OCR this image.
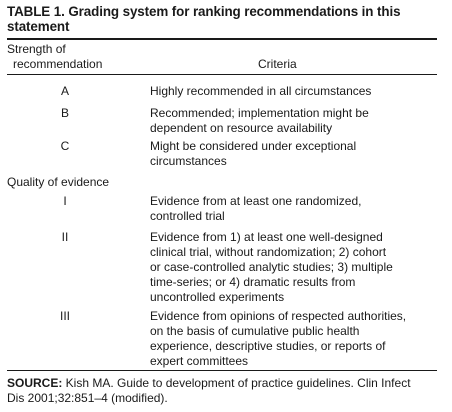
TABLE 1. Grading system for ranking recommendations in this
statement
Strength of
recommendation	Criteria
A	Highly recommended in all circumstances
B	Recommended; implementation might be
dependent on resource availability
C	Might be considered under exceptional
circumstances
Quality of evidence
I	Evidence from at least one randomized,
controlled trial
II	Evidence from 1) at least one well-designed
clinical trial, without randomization; 2) cohort
or case-controlled analytic studies; 3) multiple
time-series; or 4) dramatic results from
uncontrolled experiments
III	Evidence from opinions of respected authorities,
on the basis of cumulative public health
experience, descriptive studies, or reports of
expert committees
SOURCE: Kish MA. Guide to development of practice guidelines. Clin Infect
Dis 2001;32:851–4 (modified).
